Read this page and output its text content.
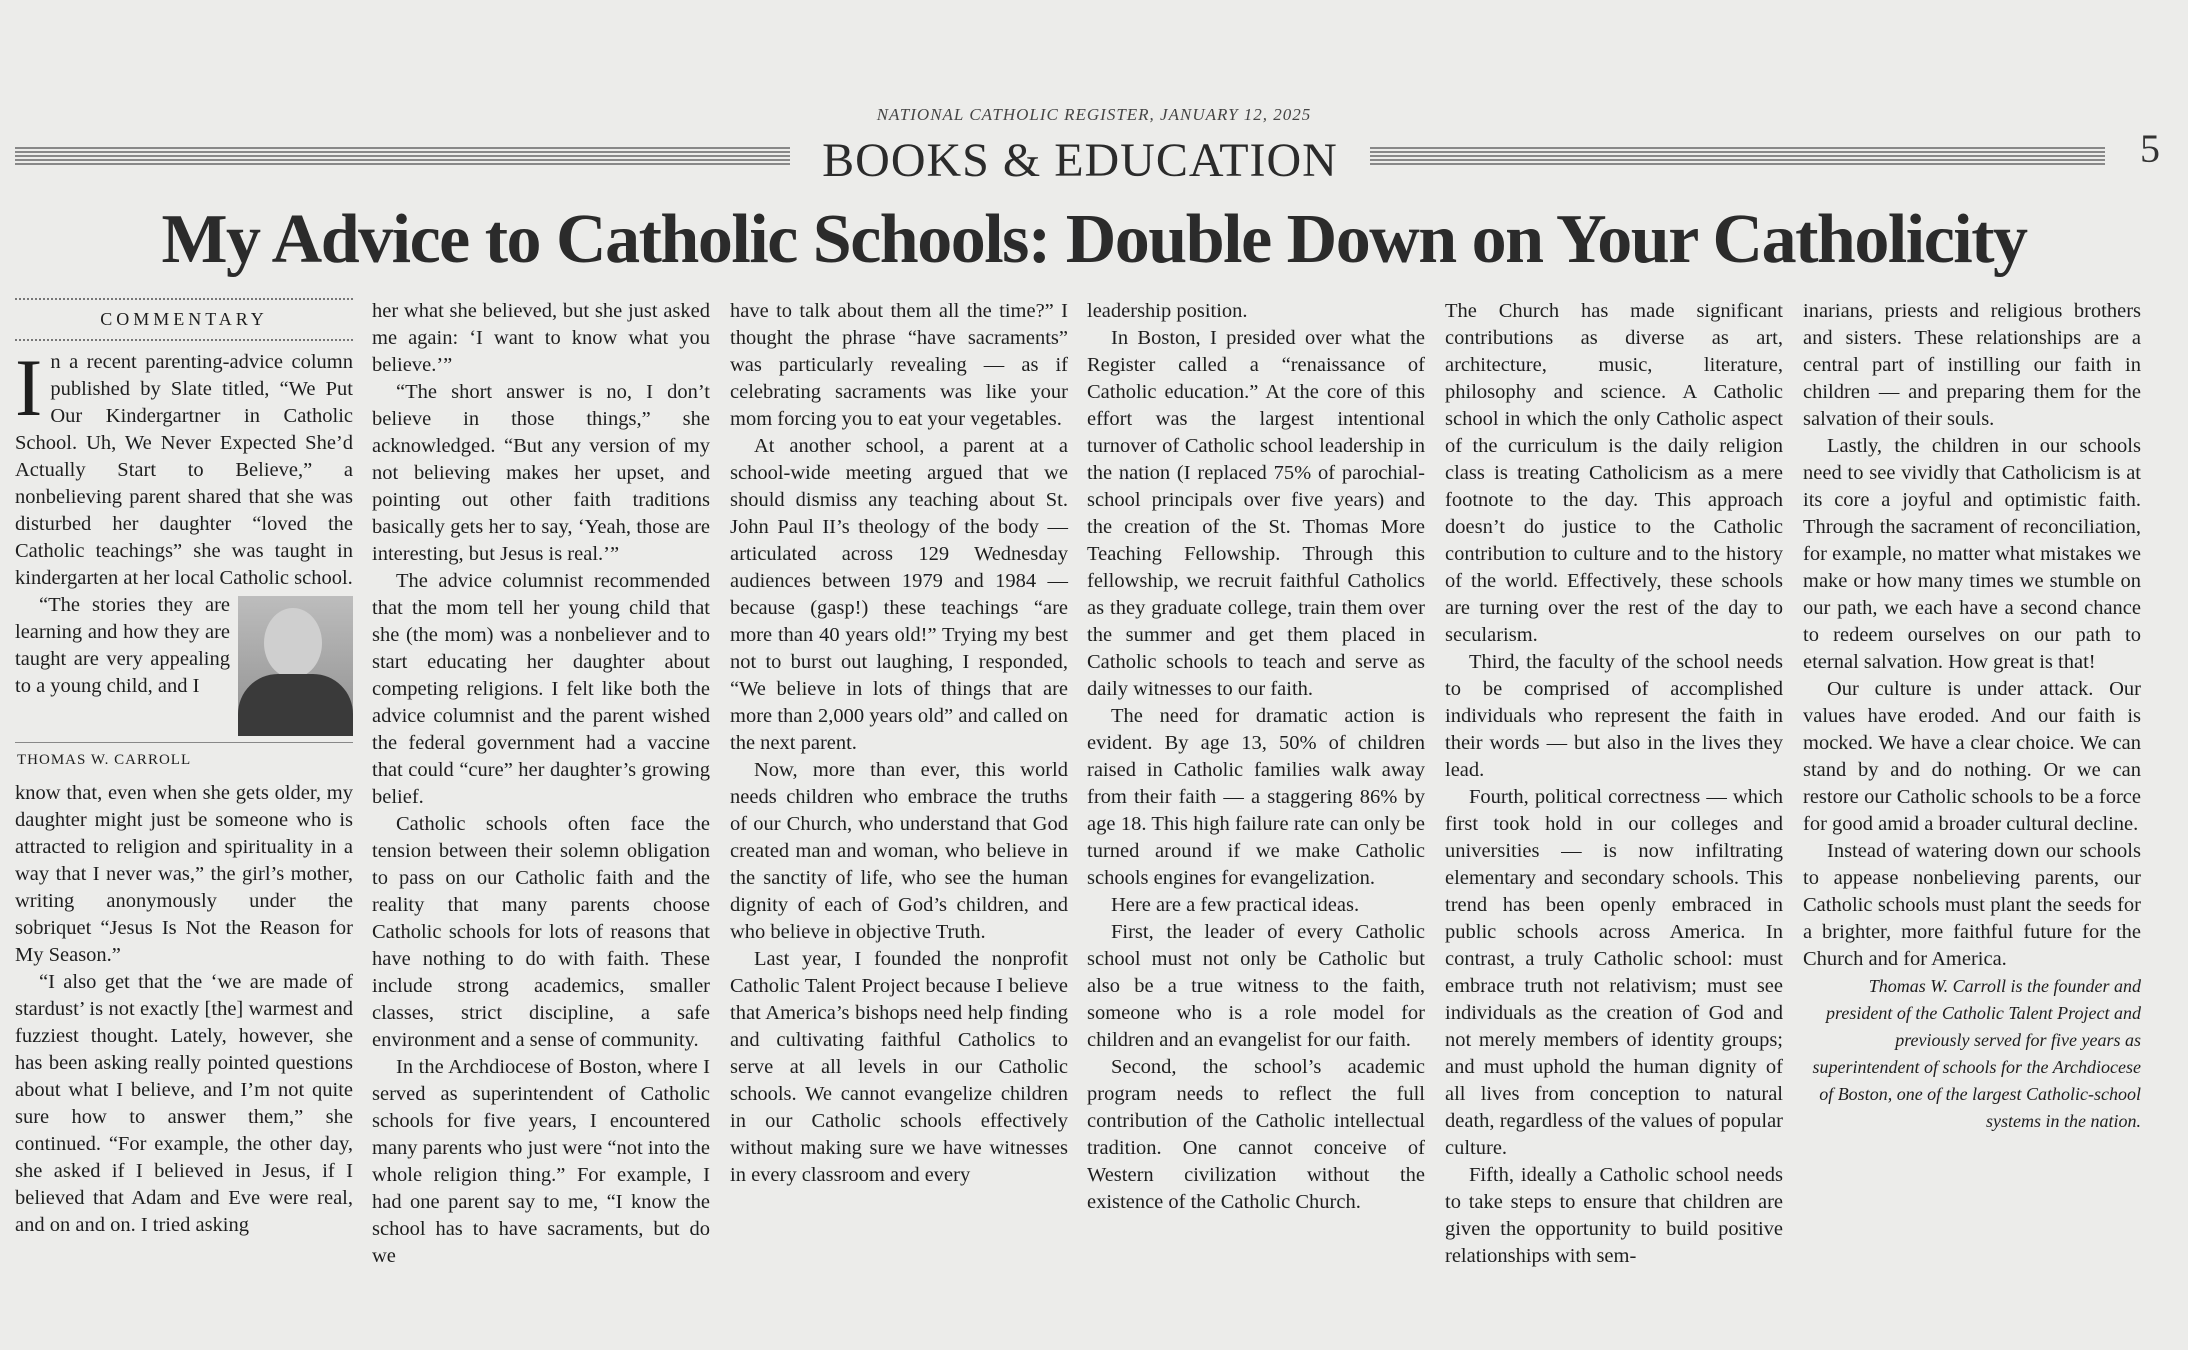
NATIONAL CATHOLIC REGISTER, JANUARY 12, 2025
BOOKS & EDUCATION	5
My Advice to Catholic Schools: Double Down on Your Catholicity
COMMENTARY

In a recent parenting-advice column published by Slate titled, “We Put Our Kindergartner in Catholic School. Uh, We Never Expected She’d Actually Start to Believe,” a nonbelieving parent shared that she was disturbed her daughter “loved the Catholic teachings” she was taught in kindergarten at her local Catholic school.

“The stories they are learning and how they are taught are very appealing to a young child, and I

THOMAS W. CARROLL

know that, even when she gets older, my daughter might just be someone who is attracted to religion and spirituality in a way that I never was,” the girl’s mother, writing anonymously under the sobriquet “Jesus Is Not the Reason for My Season.”

“I also get that the ‘we are made of stardust’ is not exactly [the] warmest and fuzziest thought. Lately, however, she has been asking really pointed questions about what I believe, and I’m not quite sure how to answer them,” she continued. “For example, the other day, she asked if I believed in Jesus, if I believed that Adam and Eve were real, and on and on. I tried asking

her what she believed, but she just asked me again: ‘I want to know what you believe.’”

“The short answer is no, I don’t believe in those things,” she acknowledged. “But any version of my not believing makes her upset, and pointing out other faith traditions basically gets her to say, ‘Yeah, those are interesting, but Jesus is real.’”

The advice columnist recommended that the mom tell her young child that she (the mom) was a nonbeliever and to start educating her daughter about competing religions. I felt like both the advice columnist and the parent wished the federal government had a vaccine that could “cure” her daughter’s growing belief.

Catholic schools often face the tension between their solemn obligation to pass on our Catholic faith and the reality that many parents choose Catholic schools for lots of reasons that have nothing to do with faith. These include strong academics, smaller classes, strict discipline, a safe environment and a sense of community.

In the Archdiocese of Boston, where I served as superintendent of Catholic schools for five years, I encountered many parents who just were “not into the whole religion thing.” For example, I had one parent say to me, “I know the school has to have sacraments, but do we

have to talk about them all the time?” I thought the phrase “have sacraments” was particularly revealing — as if celebrating sacraments was like your mom forcing you to eat your vegetables.

At another school, a parent at a school-wide meeting argued that we should dismiss any teaching about St. John Paul II’s theology of the body — articulated across 129 Wednesday audiences between 1979 and 1984 — because (gasp!) these teachings “are more than 40 years old!” Trying my best not to burst out laughing, I responded, “We believe in lots of things that are more than 2,000 years old” and called on the next parent.

Now, more than ever, this world needs children who embrace the truths of our Church, who understand that God created man and woman, who believe in the sanctity of life, who see the human dignity of each of God’s children, and who believe in objective Truth.

Last year, I founded the nonprofit Catholic Talent Project because I believe that America’s bishops need help finding and cultivating faithful Catholics to serve at all levels in our Catholic schools. We cannot evangelize children in our Catholic schools effectively without making sure we have witnesses in every classroom and every

leadership position.

In Boston, I presided over what the Register called a “renaissance of Catholic education.” At the core of this effort was the largest intentional turnover of Catholic school leadership in the nation (I replaced 75% of parochial-school principals over five years) and the creation of the St. Thomas More Teaching Fellowship. Through this fellowship, we recruit faithful Catholics as they graduate college, train them over the summer and get them placed in Catholic schools to teach and serve as daily witnesses to our faith.

The need for dramatic action is evident. By age 13, 50% of children raised in Catholic families walk away from their faith — a staggering 86% by age 18. This high failure rate can only be turned around if we make Catholic schools engines for evangelization.

Here are a few practical ideas.

First, the leader of every Catholic school must not only be Catholic but also be a true witness to the faith, someone who is a role model for children and an evangelist for our faith.

Second, the school’s academic program needs to reflect the full contribution of the Catholic intellectual tradition. One cannot conceive of Western civilization without the existence of the Catholic Church.

The Church has made significant contributions as diverse as art, architecture, music, literature, philosophy and science. A Catholic school in which the only Catholic aspect of the curriculum is the daily religion class is treating Catholicism as a mere footnote to the day. This approach doesn’t do justice to the Catholic contribution to culture and to the history of the world. Effectively, these schools are turning over the rest of the day to secularism.

Third, the faculty of the school needs to be comprised of accomplished individuals who represent the faith in their words — but also in the lives they lead.

Fourth, political correctness — which first took hold in our colleges and universities — is now infiltrating elementary and secondary schools. This trend has been openly embraced in public schools across America. In contrast, a truly Catholic school: must embrace truth not relativism; must see individuals as the creation of God and not merely members of identity groups; and must uphold the human dignity of all lives from conception to natural death, regardless of the values of popular culture.

Fifth, ideally a Catholic school needs to take steps to ensure that children are given the opportunity to build positive relationships with sem-

inarians, priests and religious brothers and sisters. These relationships are a central part of instilling our faith in children — and preparing them for the salvation of their souls.

Lastly, the children in our schools need to see vividly that Catholicism is at its core a joyful and optimistic faith. Through the sacrament of reconciliation, for example, no matter what mistakes we make or how many times we stumble on our path, we each have a second chance to redeem ourselves on our path to eternal salvation. How great is that!

Our culture is under attack. Our values have eroded. And our faith is mocked. We have a clear choice. We can stand by and do nothing. Or we can restore our Catholic schools to be a force for good amid a broader cultural decline.

Instead of watering down our schools to appease nonbelieving parents, our Catholic schools must plant the seeds for a brighter, more faithful future for the Church and for America.

Thomas W. Carroll is the founder and president of the Catholic Talent Project and previously served for five years as superintendent of schools for the Archdiocese of Boston, one of the largest Catholic-school systems in the nation.
